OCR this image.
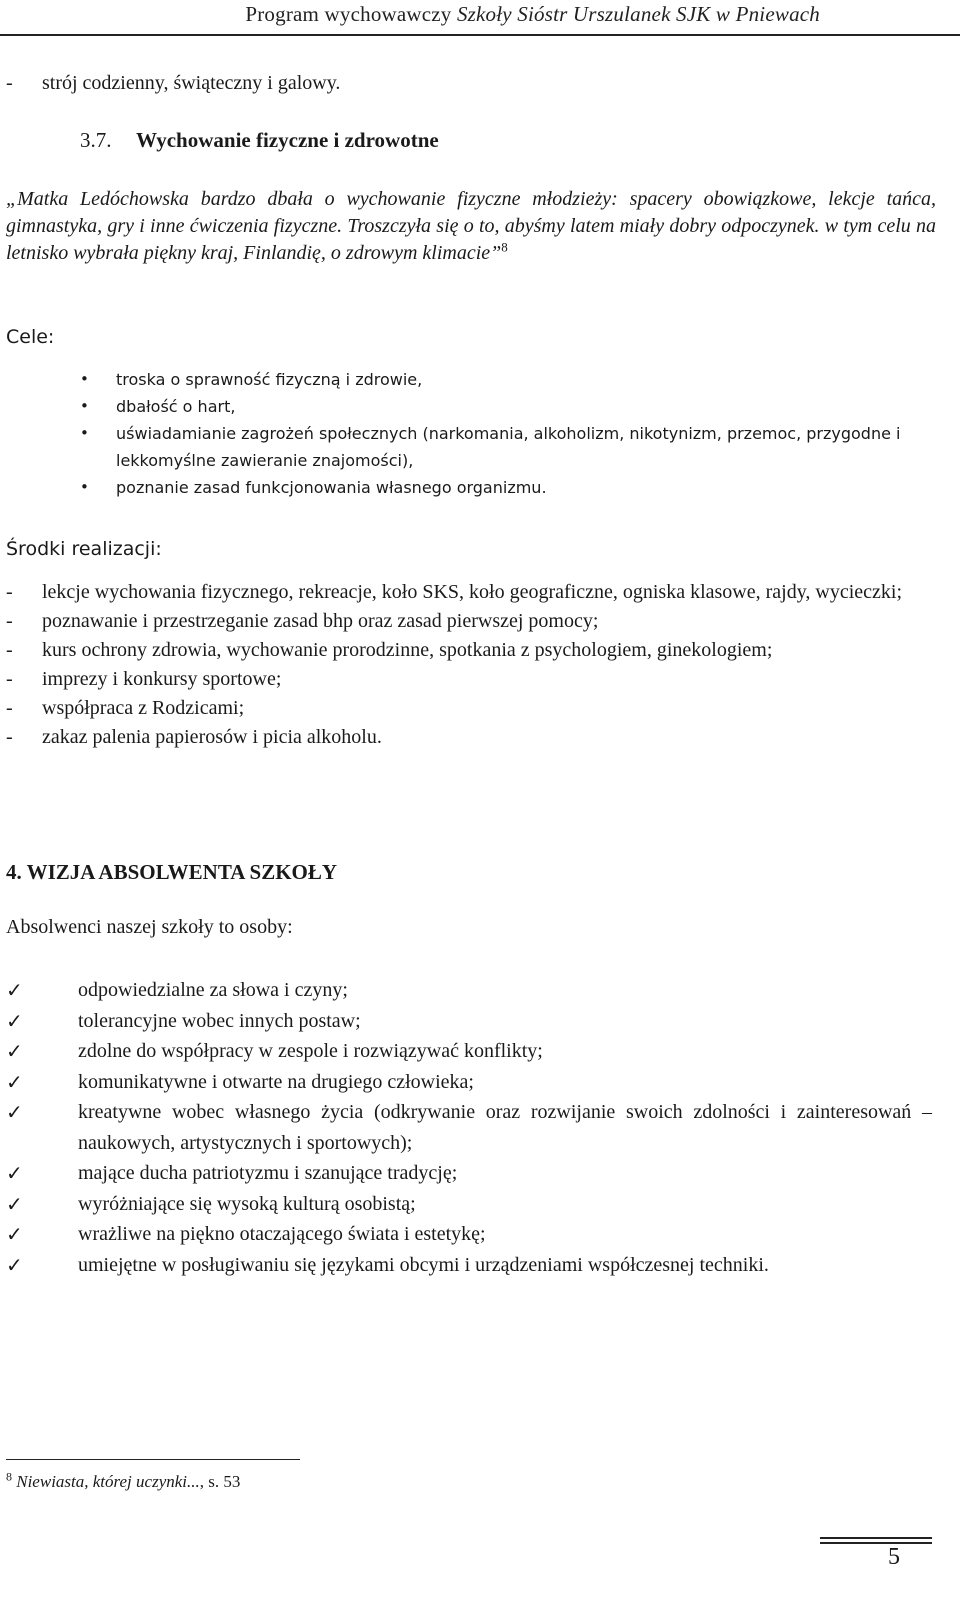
Program wychowawczy Szkoły Sióstr Urszulanek SJK w Pniewach
- strój codzienny, świąteczny i galowy.
3.7. Wychowanie fizyczne i zdrowotne
„Matka Ledóchowska bardzo dbała o wychowanie fizyczne młodzieży: spacery obowiązkowe, lekcje tańca, gimnastyka, gry i inne ćwiczenia fizyczne. Troszczyła się o to, abyśmy latem miały dobry odpoczynek. w tym celu na letnisko wybrała piękny kraj, Finlandię, o zdrowym klimacie”$^8$
Cele:
• troska o sprawność fizyczną i zdrowie,
• dbałość o hart,
• uświadamianie zagrożeń społecznych (narkomania, alkoholizm, nikotynizm, przemoc, przygodne i lekkomyślne zawieranie znajomości),
• poznanie zasad funkcjonowania własnego organizmu.
Środki realizacji:
- lekcje wychowania fizycznego, rekreacje, koło SKS, koło geograficzne, ogniska klasowe, rajdy, wycieczki;
- poznawanie i przestrzeganie zasad bhp oraz zasad pierwszej pomocy;
- kurs ochrony zdrowia, wychowanie prorodzinne, spotkania z psychologiem, ginekologiem;
- imprezy i konkursy sportowe;
- współpraca z Rodzicami;
- zakaz palenia papierosów i picia alkoholu.
4. WIZJA ABSOLWENTA SZKOŁY
Absolwenci naszej szkoły to osoby:
✓	odpowiedzialne za słowa i czyny;
✓	tolerancyjne wobec innych postaw;
✓	zdolne do współpracy w zespole i rozwiązywać konflikty;
✓	komunikatywne i otwarte na drugiego człowieka;
✓	kreatywne wobec własnego życia (odkrywanie oraz rozwijanie swoich zdolności i zainteresowań – naukowych, artystycznych i sportowych);
✓	mające ducha patriotyzmu i szanujące tradycję;
✓	wyróżniające się wysoką kulturą osobistą;
✓	wrażliwe na piękno otaczającego świata i estetykę;
✓	umiejętne w posługiwaniu się językami obcymi i urządzeniami współczesnej techniki.
$^8$ Niewiasta, której uczynki..., s. 53
5
